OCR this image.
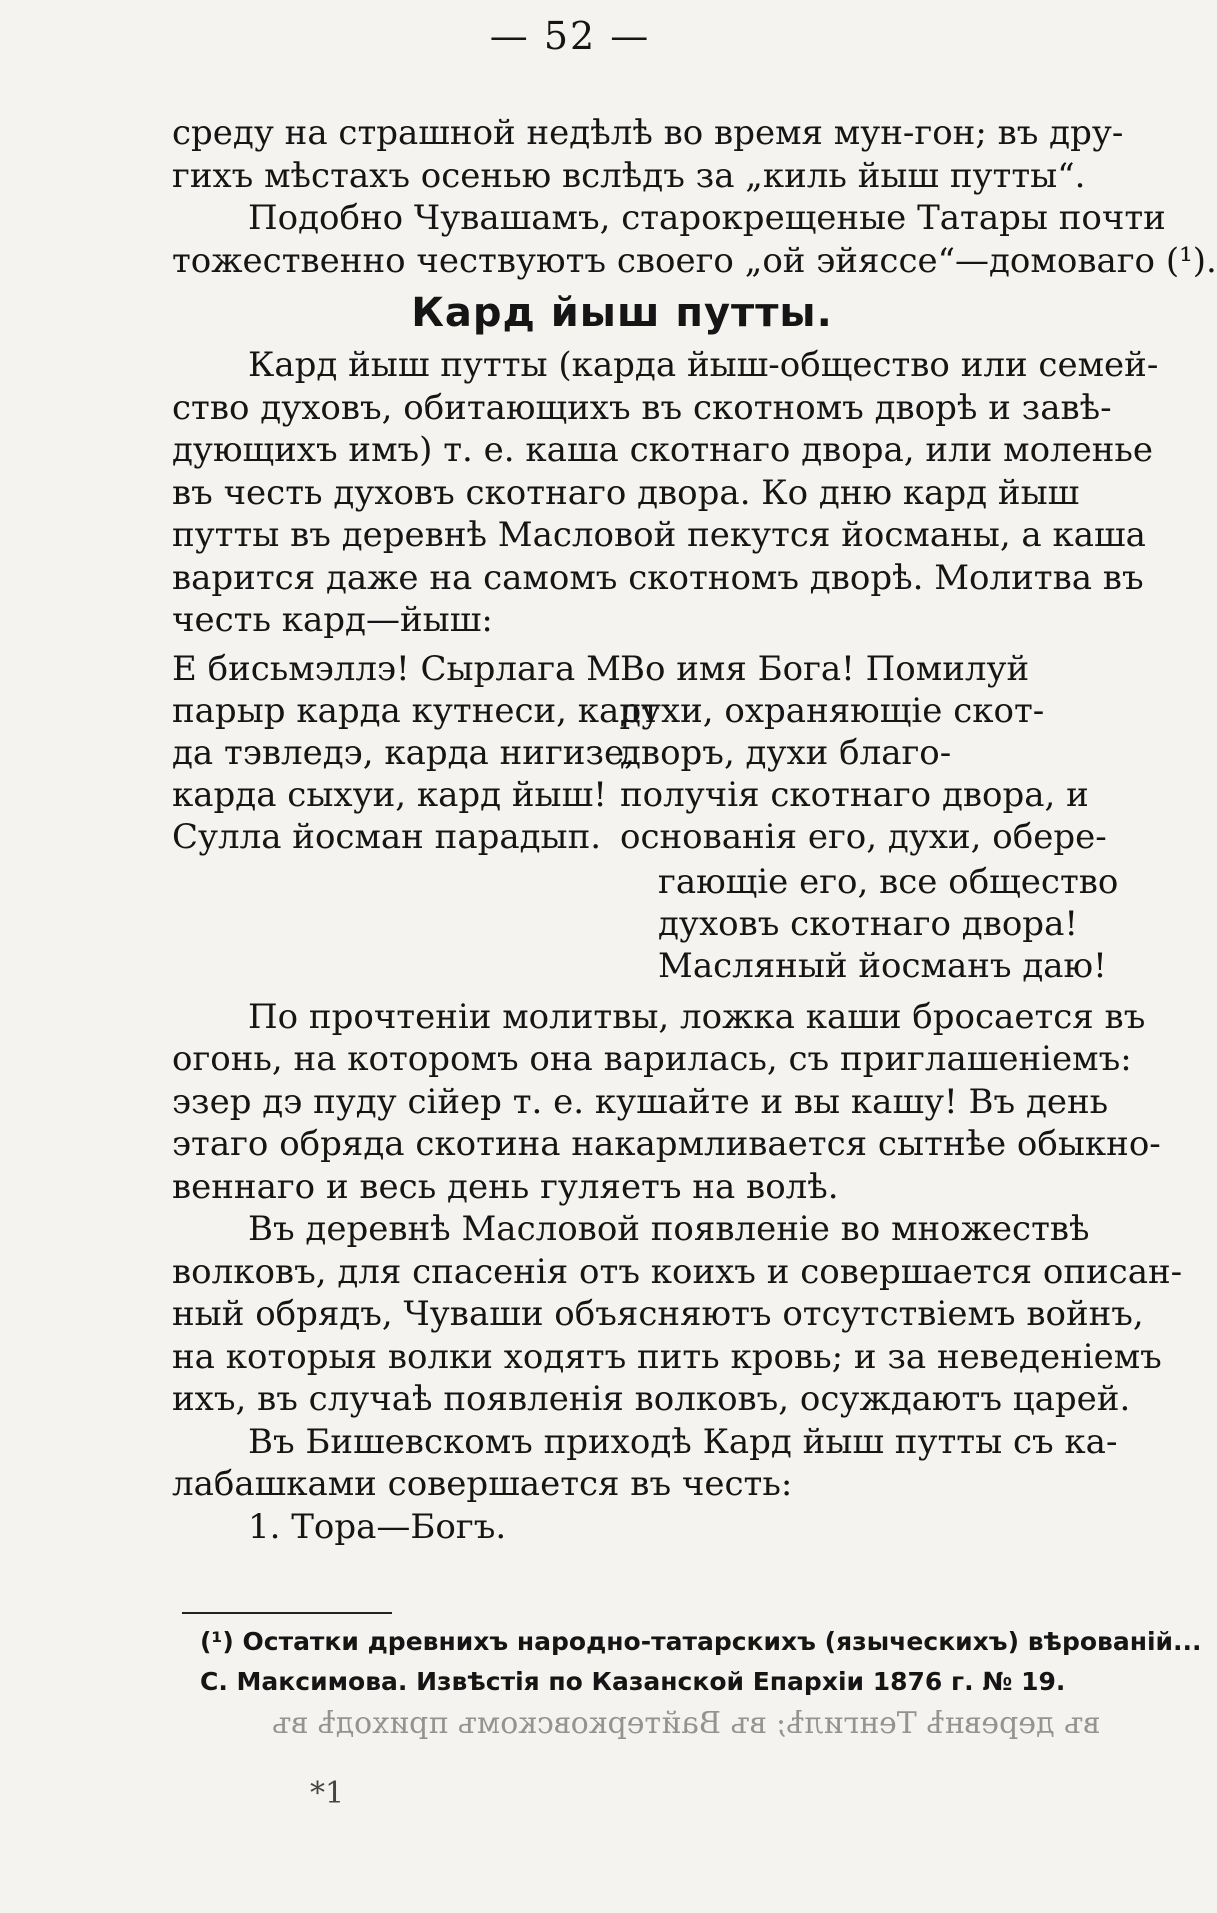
— 52 —
среду на страшной недѣлѣ во время мун-гон; въ дру-
гихъ мѣстахъ осенью вслѣдъ за „киль йыш путты“.
Подобно Чувашамъ, старокрещеные Татары почти
тожественно чествуютъ своего „ой эйяссе“—домоваго (¹).
Кард йыш путты.
Кард йыш путты (карда йыш-общество или семей-
ство духовъ, обитающихъ въ скотномъ дворѣ и завѣ-
дующихъ имъ) т. е. каша скотнаго двора, или моленье
въ честь духовъ скотнаго двора. Ко дню кард йыш
путты въ деревнѣ Масловой пекутся йосманы, а каша
варится даже на самомъ скотномъ дворѣ. Молитва въ
честь кард—йыш:
Е бисьмэллэ! Сырлага М
парыр карда кутнеси, карт
да тэвледэ, карда нигизе,
карда сыхуи, кард йыш!
Сулла йосман парадып.
Во имя Бога! Помилуй
духи, охраняющіе скот-
дворъ, духи благо-
получія скотнаго двора, и
основанія его, духи, обере-
гающіе его, все общество
духовъ скотнаго двора!
Масляный йосманъ даю!
По прочтеніи молитвы, ложка каши бросается въ
огонь, на которомъ она варилась, съ приглашеніемъ:
эзер дэ пуду сійер т. е. кушайте и вы кашу! Въ день
этаго обряда скотина накармливается сытнѣе обыкно-
веннаго и весь день гуляетъ на волѣ.
Въ деревнѣ Масловой появленіе во множествѣ
волковъ, для спасенія отъ коихъ и совершается описан-
ный обрядъ, Чуваши объясняютъ отсутствіемъ войнъ,
на которыя волки ходятъ пить кровь; и за неведеніемъ
ихъ, въ случаѣ появленія волковъ, осуждаютъ царей.
Въ Бишевскомъ приходѣ Кард йыш путты съ ка-
лабашками совершается въ честь:
1. Тора—Богъ.
(¹) Остатки древнихъ народно-татарскихъ (языческихъ) вѣрованій...
С. Максимова. Извѣстія по Казанской Епархіи 1876 г. № 19.
въ деревнѣ Тенгилѣ; въ Вайтерковскомъ приходѣ въ
*1
